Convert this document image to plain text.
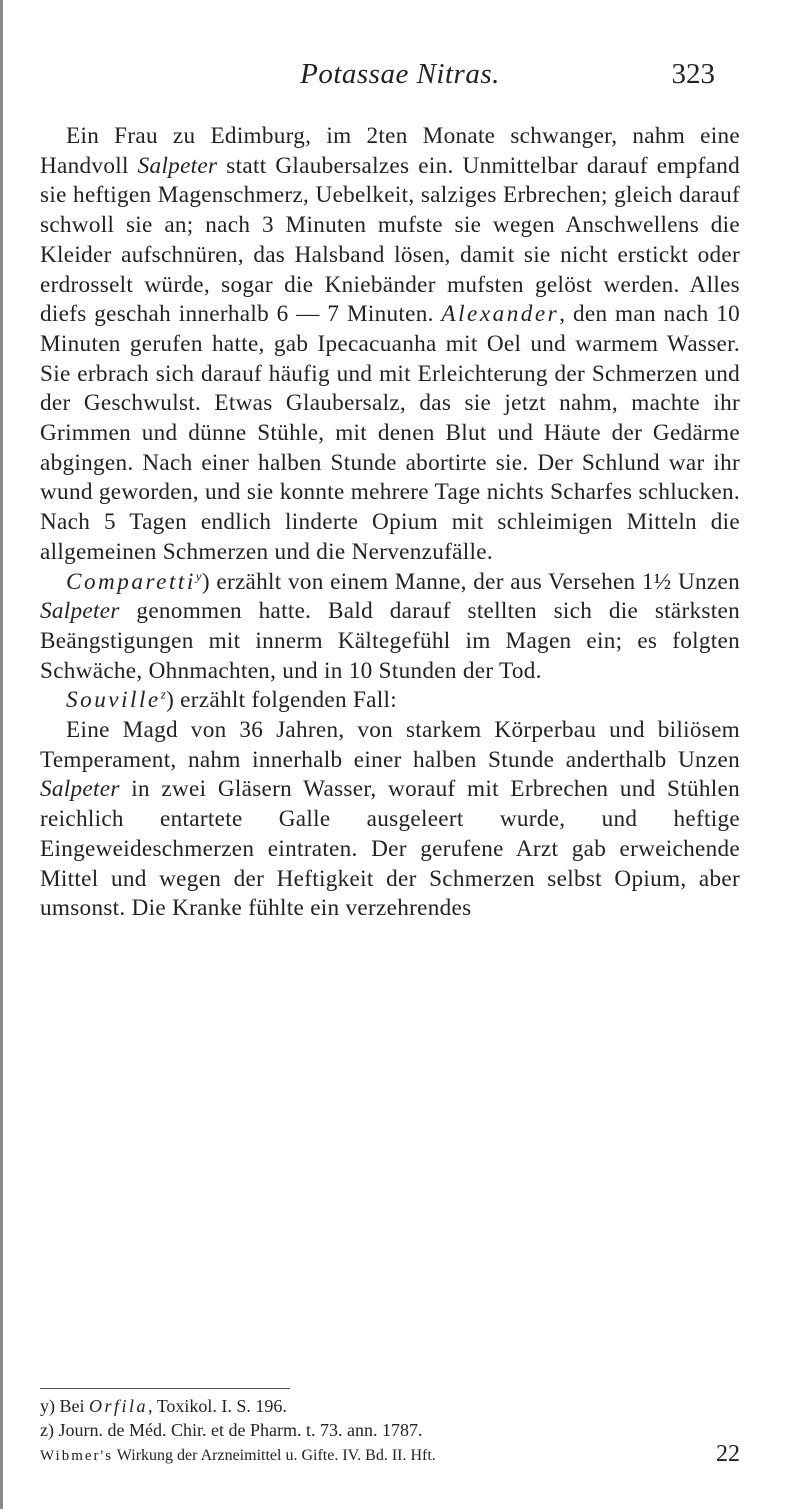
Potassae Nitras.	323

Ein Frau zu Edimburg, im 2ten Monate schwanger, nahm eine Handvoll Salpeter statt Glaubersalzes ein. Unmittelbar darauf empfand sie heftigen Magenschmerz, Uebelkeit, salziges Erbrechen; gleich darauf schwoll sie an; nach 3 Minuten mufste sie wegen Anschwellens die Kleider aufschnüren, das Halsband lösen, damit sie nicht erstickt oder erdrosselt würde, sogar die Kniebänder mufsten gelöst werden. Alles diefs geschah innerhalb 6 — 7 Minuten. Alexander, den man nach 10 Minuten gerufen hatte, gab Ipecacuanha mit Oel und warmem Wasser. Sie erbrach sich darauf häufig und mit Erleichterung der Schmerzen und der Geschwulst. Etwas Glaubersalz, das sie jetzt nahm, machte ihr Grimmen und dünne Stühle, mit denen Blut und Häute der Gedärme abgingen. Nach einer halben Stunde abortirte sie. Der Schlund war ihr wund geworden, und sie konnte mehrere Tage nichts Scharfes schlucken. Nach 5 Tagen endlich linderte Opium mit schleimigen Mitteln die allgemeinen Schmerzen und die Nervenzufälle.

Comparetti$^y$) erzählt von einem Manne, der aus Versehen 1½ Unzen Salpeter genommen hatte. Bald darauf stellten sich die stärksten Beängstigungen mit innerm Kältegefühl im Magen ein; es folgten Schwäche, Ohnmachten, und in 10 Stunden der Tod.

Souville$^z$) erzählt folgenden Fall:

Eine Magd von 36 Jahren, von starkem Körperbau und biliösem Temperament, nahm innerhalb einer halben Stunde anderthalb Unzen Salpeter in zwei Gläsern Wasser, worauf mit Erbrechen und Stühlen reichlich entartete Galle ausgeleert wurde, und heftige Eingeweideschmerzen eintraten. Der gerufene Arzt gab erweichende Mittel und wegen der Heftigkeit der Schmerzen selbst Opium, aber umsonst. Die Kranke fühlte ein verzehrendes

y) Bei Orfila, Toxikol. I. S. 196.

z) Journ. de Méd. Chir. et de Pharm. t. 73. ann. 1787.

Wibmer's Wirkung der Arzneimittel u. Gifte. IV. Bd. II. Hft.	22
